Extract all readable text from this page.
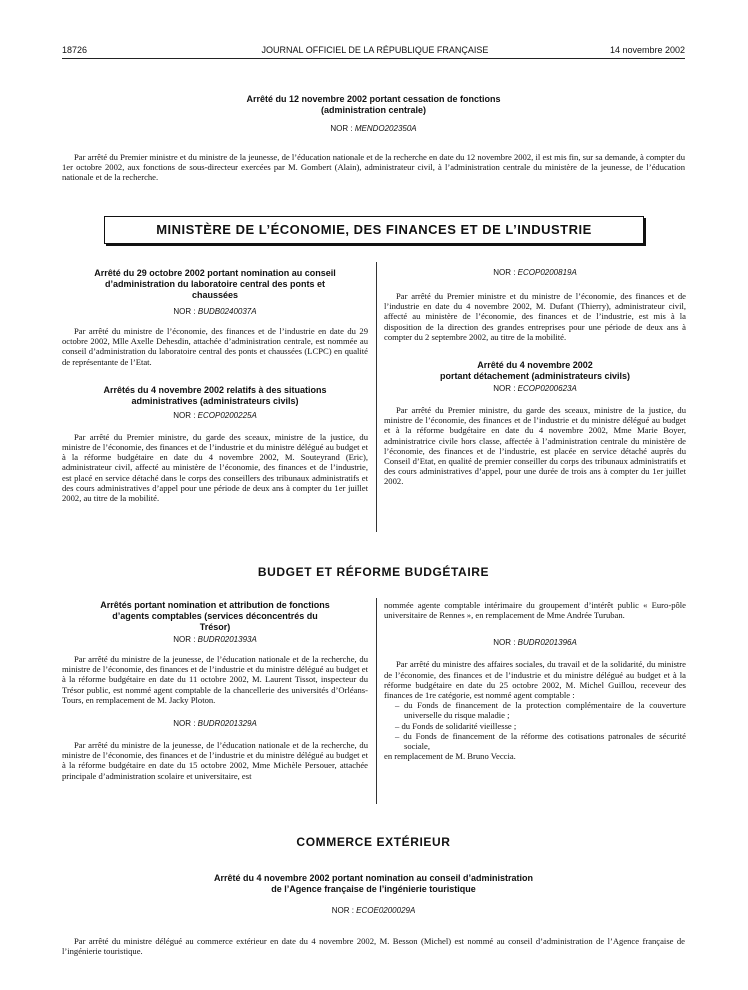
18726	JOURNAL OFFICIEL DE LA RÉPUBLIQUE FRANÇAISE	14 novembre 2002
Arrêté du 12 novembre 2002 portant cessation de fonctions
(administration centrale)
NOR : MENDO202350A

Par arrêté du Premier ministre et du ministre de la jeunesse, de l’éducation nationale et de la recherche en date du 12 novembre 2002, il est mis fin, sur sa demande, à compter du 1er octobre 2002, aux fonctions de sous-directeur exercées par M. Gombert (Alain), administrateur civil, à l’administration centrale du ministère de la jeunesse, de l’éducation nationale et de la recherche.

MINISTÈRE DE L’ÉCONOMIE, DES FINANCES ET DE L’INDUSTRIE
Arrêté du 29 octobre 2002 portant nomination au conseil
d’administration du laboratoire central des ponts et
chaussées
NOR : BUDB0240037A

Par arrêté du ministre de l’économie, des finances et de l’industrie en date du 29 octobre 2002, Mlle Axelle Dehesdin, attachée d’administration centrale, est nommée au conseil d’administration du laboratoire central des ponts et chaussées (LCPC) en qualité de représentante de l’Etat.

Arrêtés du 4 novembre 2002 relatifs à des situations
administratives (administrateurs civils)
NOR : ECOP0200225A

Par arrêté du Premier ministre, du garde des sceaux, ministre de la justice, du ministre de l’économie, des finances et de l’industrie et du ministre délégué au budget et à la réforme budgétaire en date du 4 novembre 2002, M. Souteyrand (Eric), administrateur civil, affecté au ministère de l’économie, des finances et de l’industrie, est placé en service détaché dans le corps des conseillers des tribunaux administratifs et des cours administratives d’appel pour une période de deux ans à compter du 1er juillet 2002, au titre de la mobilité.

NOR : ECOP0200819A

Par arrêté du Premier ministre et du ministre de l’économie, des finances et de l’industrie en date du 4 novembre 2002, M. Dufant (Thierry), administrateur civil, affecté au ministère de l’économie, des finances et de l’industrie, est mis à la disposition de la direction des grandes entreprises pour une période de deux ans à compter du 2 septembre 2002, au titre de la mobilité.

Arrêté du 4 novembre 2002
portant détachement (administrateurs civils)
NOR : ECOP0200623A

Par arrêté du Premier ministre, du garde des sceaux, ministre de la justice, du ministre de l’économie, des finances et de l’industrie et du ministre délégué au budget et à la réforme budgétaire en date du 4 novembre 2002, Mme Marie Boyer, administratrice civile hors classe, affectée à l’administration centrale du ministère de l’économie, des finances et de l’industrie, est placée en service détaché auprès du Conseil d’Etat, en qualité de premier conseiller du corps des tribunaux administratifs et des cours administratives d’appel, pour une durée de trois ans à compter du 1er juillet 2002.

BUDGET ET RÉFORME BUDGÉTAIRE
Arrêtés portant nomination et attribution de fonctions
d’agents comptables (services déconcentrés du
Trésor)
NOR : BUDR0201393A

Par arrêté du ministre de la jeunesse, de l’éducation nationale et de la recherche, du ministre de l’économie, des finances et de l’industrie et du ministre délégué au budget et à la réforme budgétaire en date du 11 octobre 2002, M. Laurent Tissot, inspecteur du Trésor public, est nommé agent comptable de la chancellerie des universités d’Orléans-Tours, en remplacement de M. Jacky Ploton.

NOR : BUDR0201329A

Par arrêté du ministre de la jeunesse, de l’éducation nationale et de la recherche, du ministre de l’économie, des finances et de l’industrie et du ministre délégué au budget et à la réforme budgétaire en date du 15 octobre 2002, Mme Michèle Persouer, attachée principale d’administration scolaire et universitaire, est

nommée agente comptable intérimaire du groupement d’intérêt public « Euro-pôle universitaire de Rennes », en remplacement de Mme Andrée Turuban.

NOR : BUDR0201396A

Par arrêté du ministre des affaires sociales, du travail et de la solidarité, du ministre de l’économie, des finances et de l’industrie et du ministre délégué au budget et à la réforme budgétaire en date du 25 octobre 2002, M. Michel Guillou, receveur des finances de 1re catégorie, est nommé agent comptable :

– du Fonds de financement de la protection complémentaire de la couverture universelle du risque maladie ;
– du Fonds de solidarité vieillesse ;
– du Fonds de financement de la réforme des cotisations patronales de sécurité sociale,

en remplacement de M. Bruno Veccia.

COMMERCE EXTÉRIEUR
Arrêté du 4 novembre 2002 portant nomination au conseil d’administration
de l’Agence française de l’ingénierie touristique
NOR : ECOE0200029A

Par arrêté du ministre délégué au commerce extérieur en date du 4 novembre 2002, M. Besson (Michel) est nommé au conseil d’administration de l’Agence française de l’ingénierie touristique.
